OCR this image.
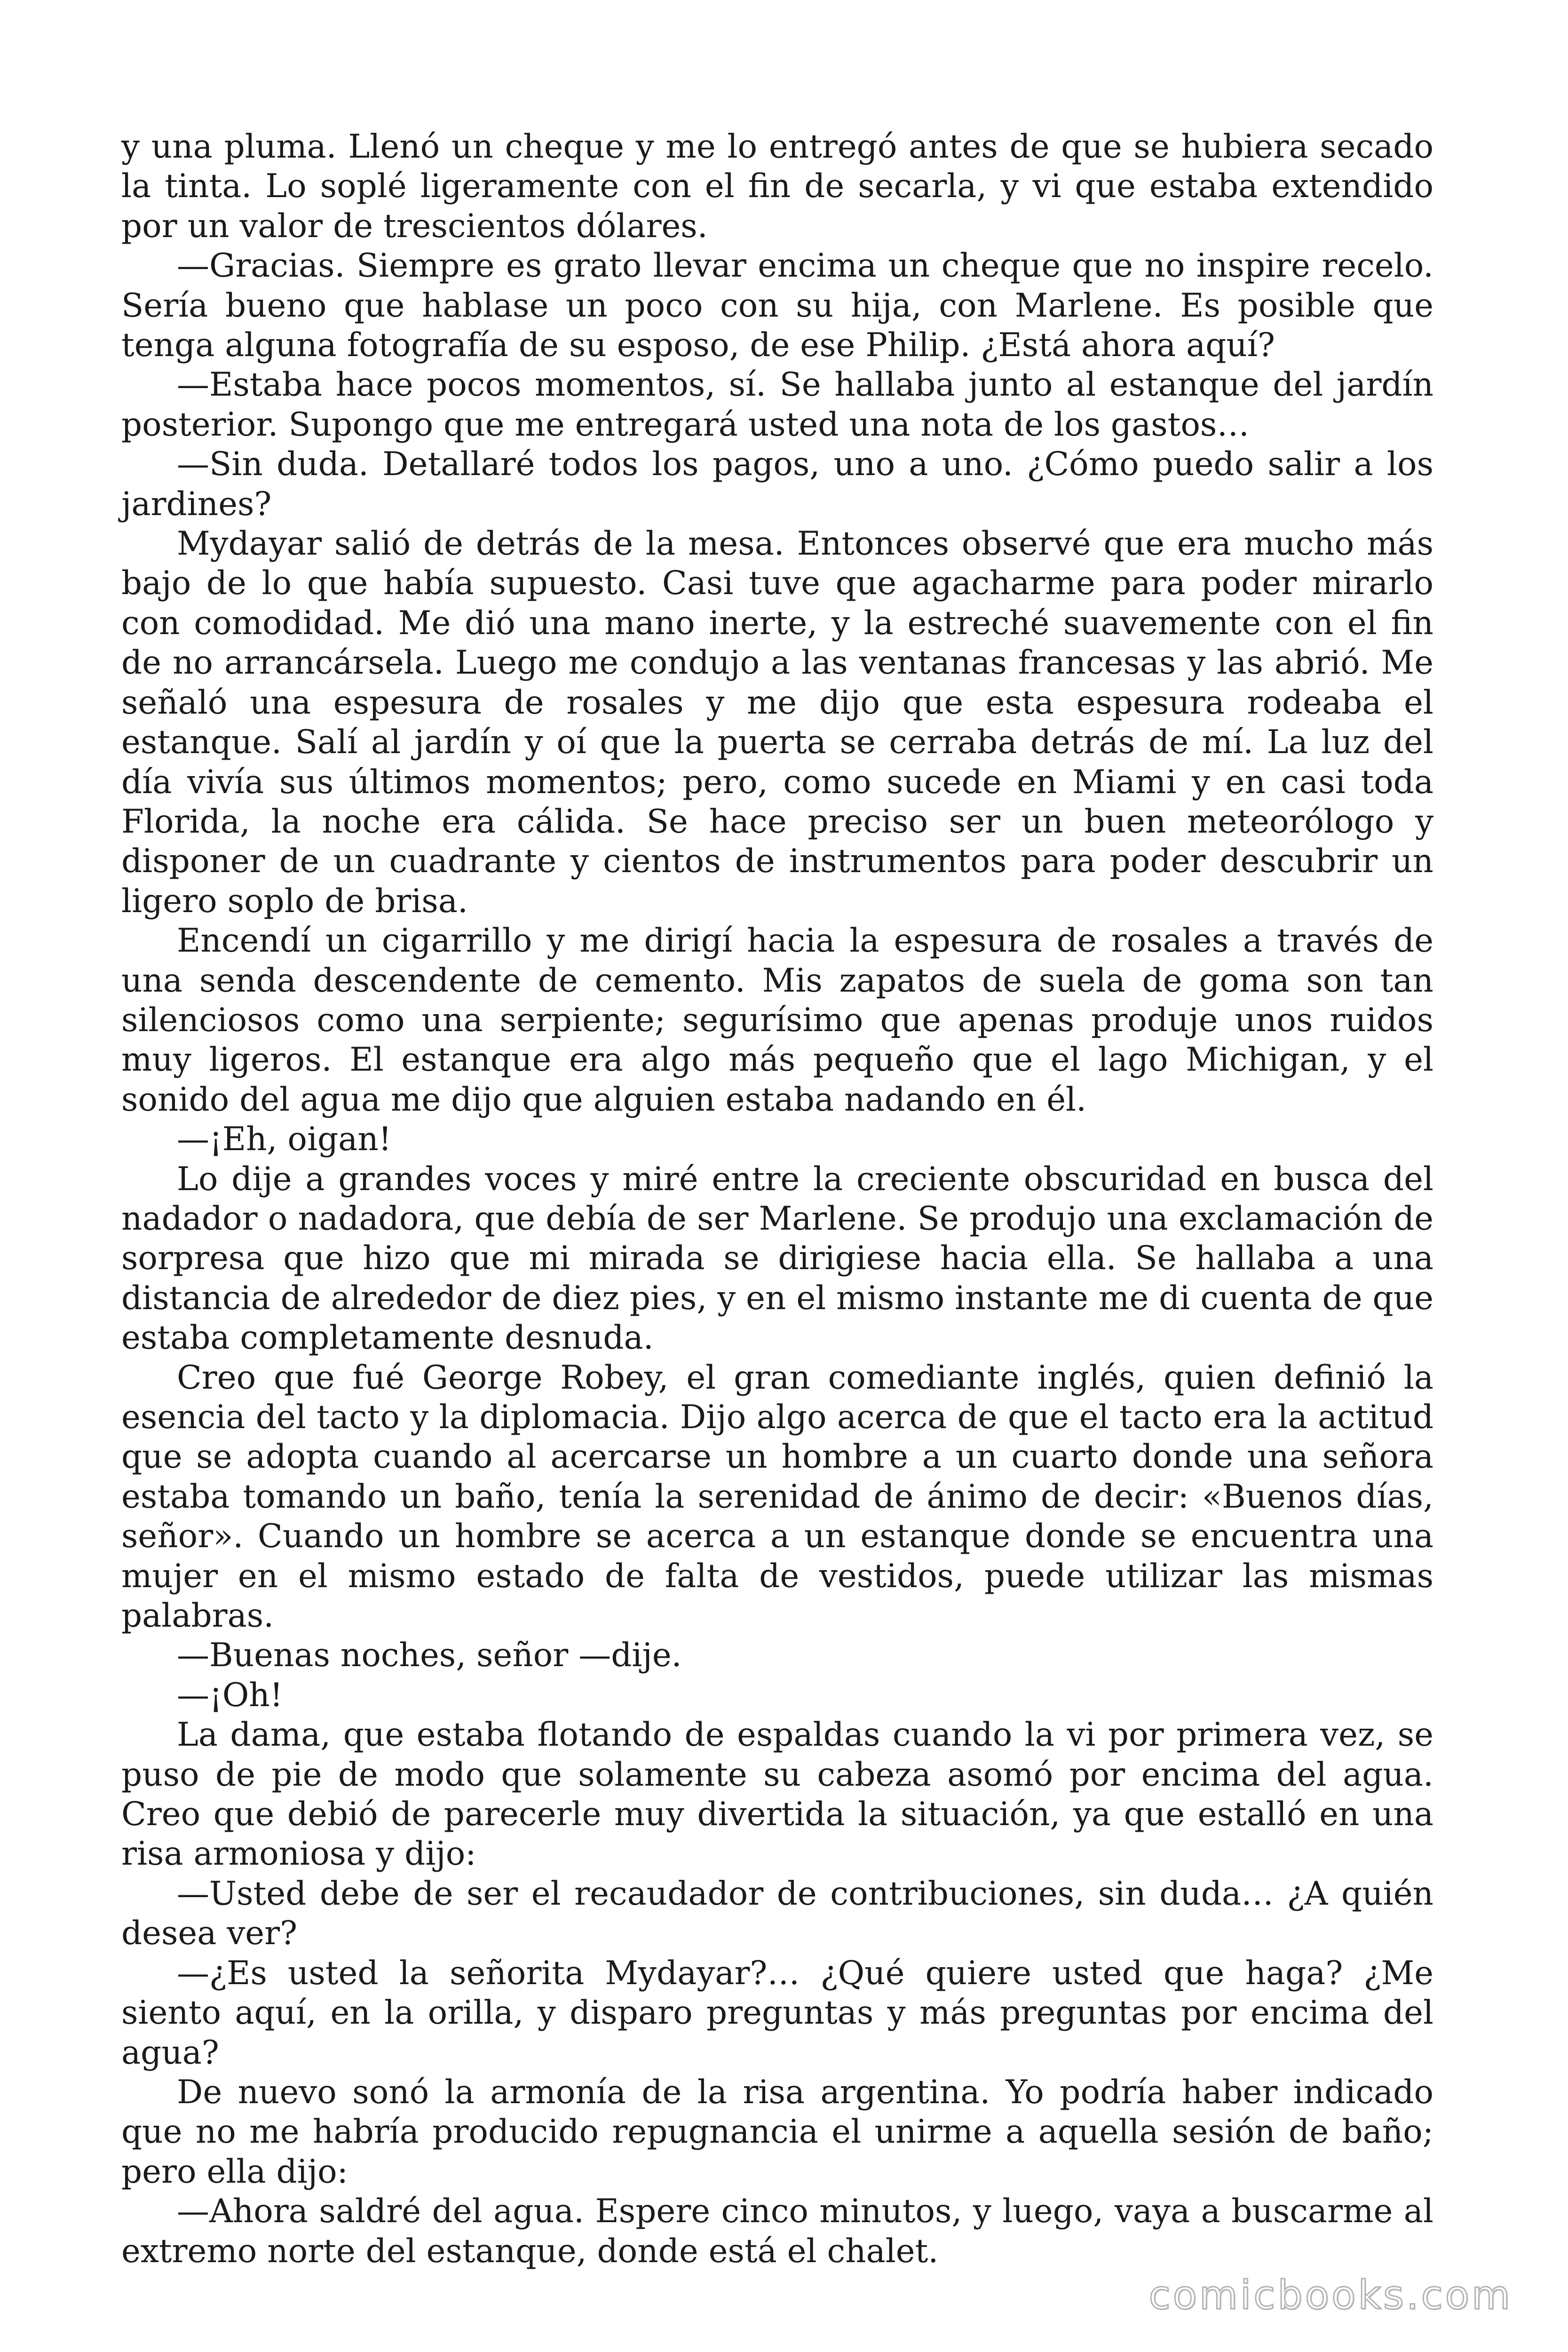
y una pluma. Llenó un cheque y me lo entregó antes de que se hubiera secado la tinta. Lo soplé ligeramente con el fin de secarla, y vi que estaba extendido por un valor de trescientos dólares.

—Gracias. Siempre es grato llevar encima un cheque que no inspire recelo. Sería bueno que hablase un poco con su hija, con Marlene. Es posible que tenga alguna fotografía de su esposo, de ese Philip. ¿Está ahora aquí?

—Estaba hace pocos momentos, sí. Se hallaba junto al estanque del jardín posterior. Supongo que me entregará usted una nota de los gastos…

—Sin duda. Detallaré todos los pagos, uno a uno. ¿Cómo puedo salir a los jardines?

Mydayar salió de detrás de la mesa. Entonces observé que era mucho más bajo de lo que había supuesto. Casi tuve que agacharme para poder mirarlo con comodidad. Me dió una mano inerte, y la estreché suavemente con el fin de no arrancársela. Luego me condujo a las ventanas francesas y las abrió. Me señaló una espesura de rosales y me dijo que esta espesura rodeaba el estanque. Salí al jardín y oí que la puerta se cerraba detrás de mí. La luz del día vivía sus últimos momentos; pero, como sucede en Miami y en casi toda Florida, la noche era cálida. Se hace preciso ser un buen meteorólogo y disponer de un cuadrante y cientos de instrumentos para poder descubrir un ligero soplo de brisa.

Encendí un cigarrillo y me dirigí hacia la espesura de rosales a través de una senda descendente de cemento. Mis zapatos de suela de goma son tan silenciosos como una serpiente; segurísimo que apenas produje unos ruidos muy ligeros. El estanque era algo más pequeño que el lago Michigan, y el sonido del agua me dijo que alguien estaba nadando en él.

—¡Eh, oigan!

Lo dije a grandes voces y miré entre la creciente obscuridad en busca del nadador o nadadora, que debía de ser Marlene. Se produjo una exclamación de sorpresa que hizo que mi mirada se dirigiese hacia ella. Se hallaba a una distancia de alrededor de diez pies, y en el mismo instante me di cuenta de que estaba completamente desnuda.

Creo que fué George Robey, el gran comediante inglés, quien definió la esencia del tacto y la diplomacia. Dijo algo acerca de que el tacto era la actitud que se adopta cuando al acercarse un hombre a un cuarto donde una señora estaba tomando un baño, tenía la serenidad de ánimo de decir: «Buenos días, señor». Cuando un hombre se acerca a un estanque donde se encuentra una mujer en el mismo estado de falta de vestidos, puede utilizar las mismas palabras.

—Buenas noches, señor —dije.

—¡Oh!

La dama, que estaba flotando de espaldas cuando la vi por primera vez, se puso de pie de modo que solamente su cabeza asomó por encima del agua. Creo que debió de parecerle muy divertida la situación, ya que estalló en una risa armoniosa y dijo:

—Usted debe de ser el recaudador de contribuciones, sin duda… ¿A quién desea ver?

—¿Es usted la señorita Mydayar?… ¿Qué quiere usted que haga? ¿Me siento aquí, en la orilla, y disparo preguntas y más preguntas por encima del agua?

De nuevo sonó la armonía de la risa argentina. Yo podría haber indicado que no me habría producido repugnancia el unirme a aquella sesión de baño; pero ella dijo:

—Ahora saldré del agua. Espere cinco minutos, y luego, vaya a buscarme al extremo norte del estanque, donde está el chalet.

comicbooks.com
